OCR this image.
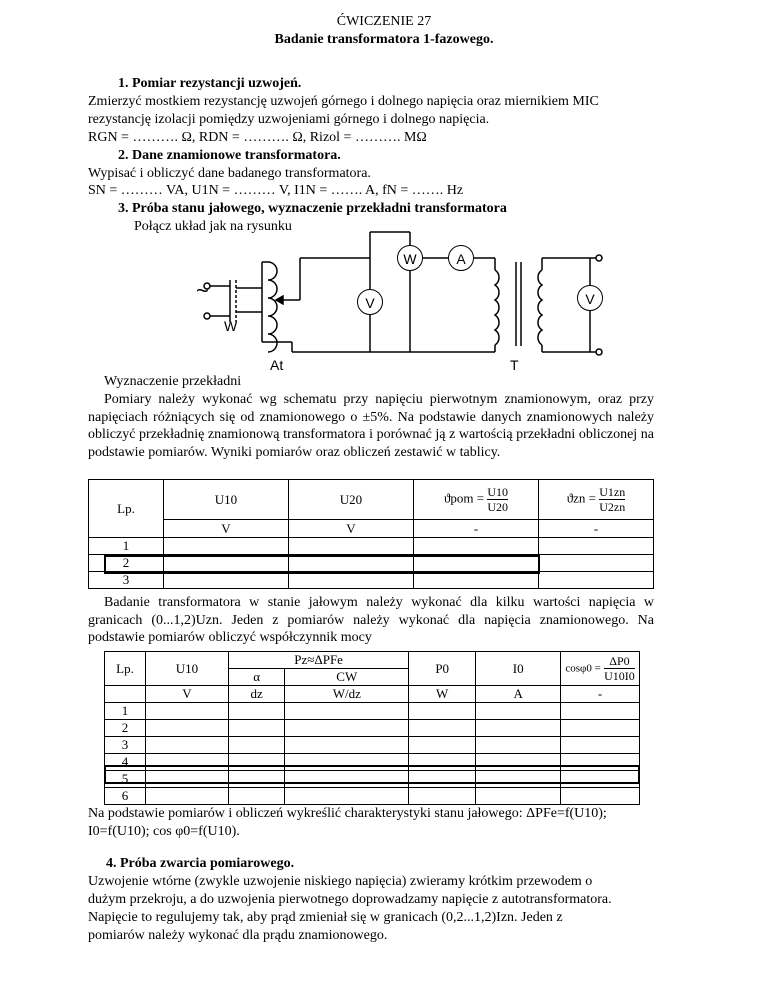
ĆWICZENIE 27
Badanie transformatora 1-fazowego.
1. Pomiar rezystancji uzwojeń.
Zmierzyć mostkiem rezystancję uzwojeń górnego i dolnego napięcia oraz miernikiem MIC
rezystancję izolacji pomiędzy uzwojeniami górnego i dolnego napięcia.
RGN = ………. Ω, RDN = ………. Ω, Rizol = ………. MΩ
2. Dane znamionowe transformatora.
Wypisać i obliczyć dane badanego transformatora.
SN = ……… VA, U1N = ……… V, I1N = ……. A, fN = ……. Hz
3. Próba stanu jałowego, wyznaczenie przekładni transformatora
Połącz układ jak na rysunku
~
W	A
V	V
W
At	T
Wyznaczenie przekładni
Pomiary należy wykonać wg schematu przy napięciu pierwotnym znamionowym, oraz przy napięciach różniących się od znamionowego o ±5%. Na podstawie danych znamionowych należy obliczyć przekładnię znamionową transformatora i porównać ją z wartością przekładni obliczonej na podstawie pomiarów. Wyniki pomiarów oraz obliczeń zestawić w tablicy.
Lp.	U10	U20	$ϑpom = \frac{U10}{U20}$	$ϑzn = \frac{U1zn}{U2zn}$

	V	V	-	-
1				
2				
3				
Badanie transformatora w stanie jałowym należy wykonać dla kilku wartości napięcia w granicach (0...1,2)Uzn. Jeden z pomiarów należy wykonać dla napięcia znamionowego. Na podstawie pomiarów obliczyć współczynnik mocy
Lp.	U10	Pz≈ΔPFe		P0	I0	$\cos\varphi 0 = \frac{\Delta P0}{U10I0}$

		α	CW			
	V	dz	W/dz	W	A	-
1						
2						
3						
4						
5						
6						
Na podstawie pomiarów i obliczeń wykreślić charakterystyki stanu jałowego: ΔPFe=f(U10);
I0=f(U10); cos φ0=f(U10).
4. Próba zwarcia pomiarowego.
Uzwojenie wtórne (zwykle uzwojenie niskiego napięcia) zwieramy krótkim przewodem o
dużym przekroju, a do uzwojenia pierwotnego doprowadzamy napięcie z autotransformatora.
Napięcie to regulujemy tak, aby prąd zmieniał się w granicach (0,2...1,2)Izn. Jeden z
pomiarów należy wykonać dla prądu znamionowego.
